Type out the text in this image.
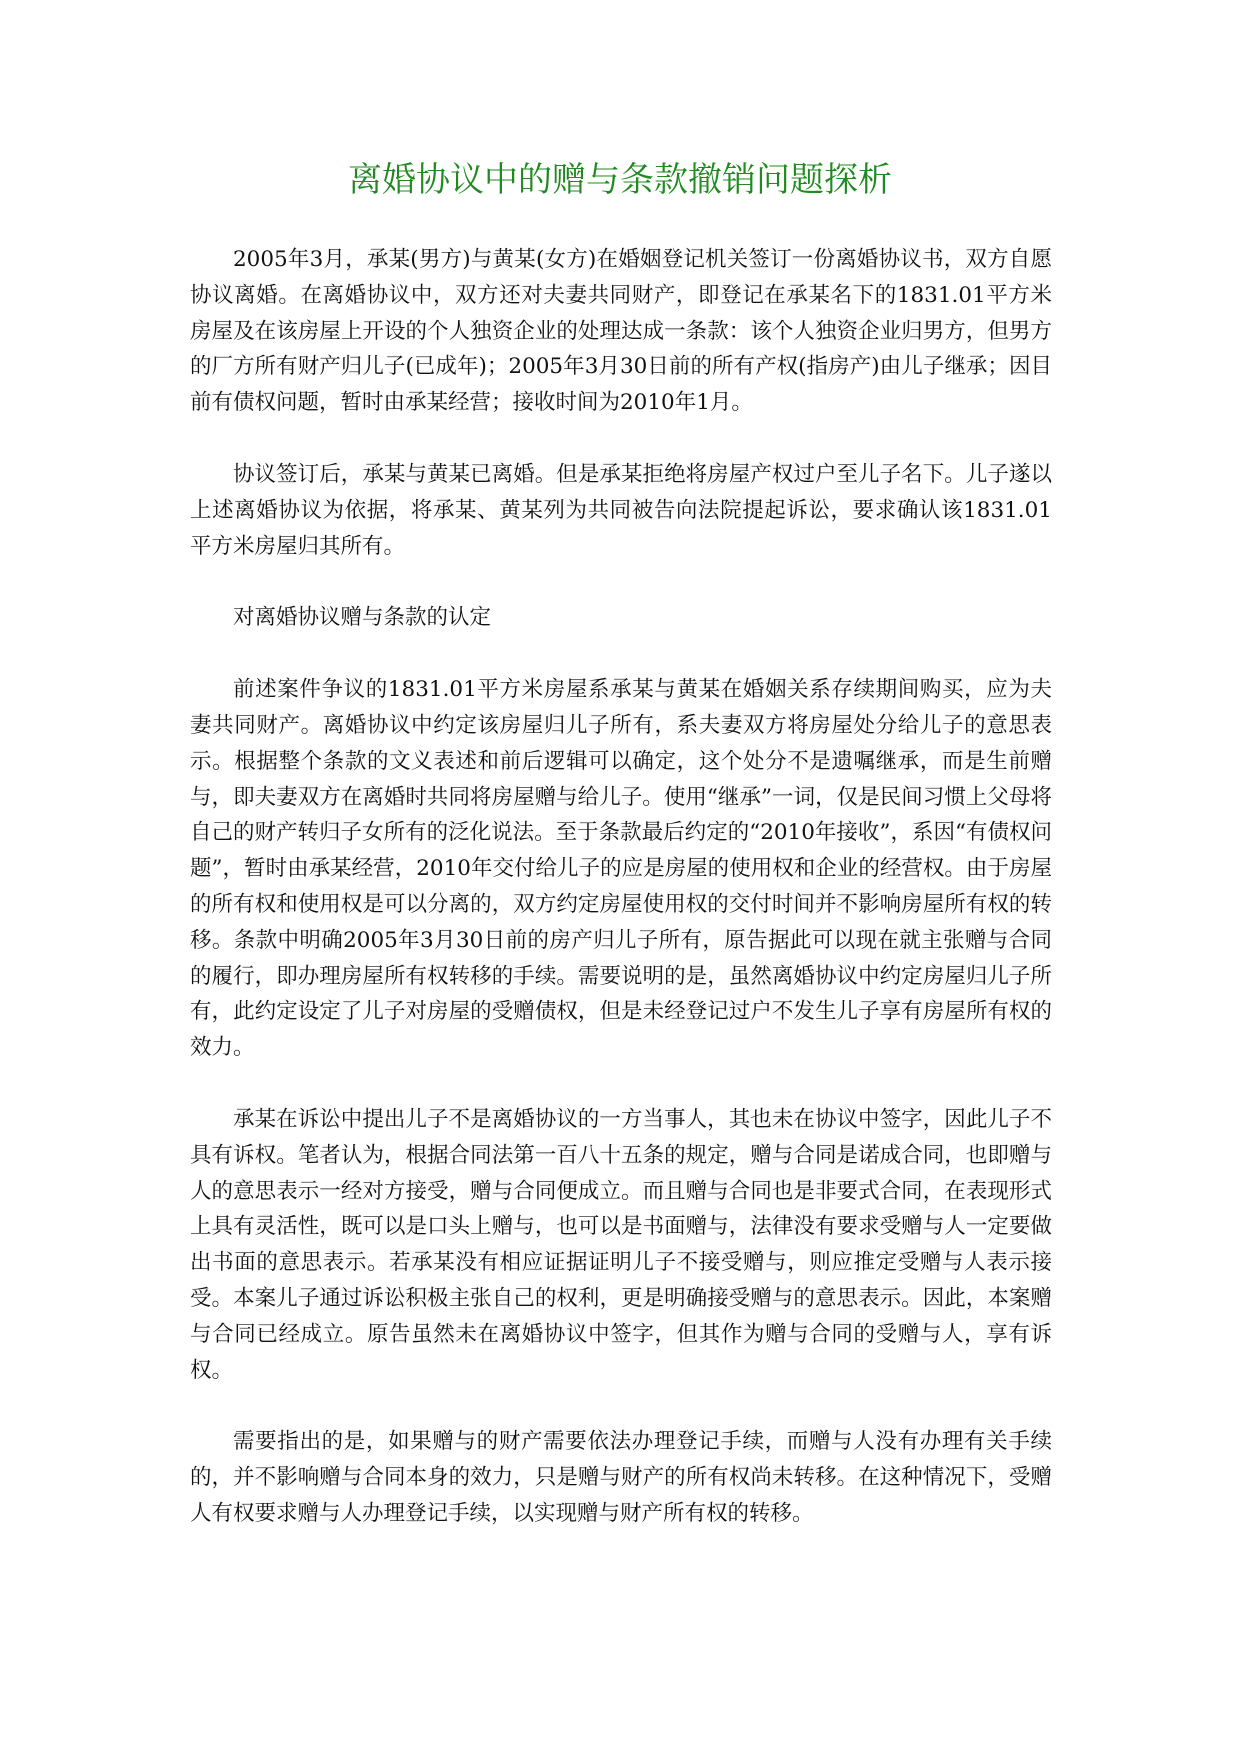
离婚协议中的赠与条款撤销问题探析

2005年3月，承某(男方)与黄某(女方)在婚姻登记机关签订一份离婚协议书，双方自愿协议离婚。在离婚协议中，双方还对夫妻共同财产，即登记在承某名下的1831.01平方米房屋及在该房屋上开设的个人独资企业的处理达成一条款：该个人独资企业归男方，但男方的厂方所有财产归儿子(已成年)；2005年3月30日前的所有产权(指房产)由儿子继承；因目前有债权问题，暂时由承某经营；接收时间为2010年1月。

协议签订后，承某与黄某已离婚。但是承某拒绝将房屋产权过户至儿子名下。儿子遂以上述离婚协议为依据，将承某、黄某列为共同被告向法院提起诉讼，要求确认该1831.01平方米房屋归其所有。

对离婚协议赠与条款的认定

前述案件争议的1831.01平方米房屋系承某与黄某在婚姻关系存续期间购买，应为夫妻共同财产。离婚协议中约定该房屋归儿子所有，系夫妻双方将房屋处分给儿子的意思表示。根据整个条款的文义表述和前后逻辑可以确定，这个处分不是遗嘱继承，而是生前赠与，即夫妻双方在离婚时共同将房屋赠与给儿子。使用“继承”一词，仅是民间习惯上父母将自己的财产转归子女所有的泛化说法。至于条款最后约定的“2010年接收”，系因“有债权问题”，暂时由承某经营，2010年交付给儿子的应是房屋的使用权和企业的经营权。由于房屋的所有权和使用权是可以分离的，双方约定房屋使用权的交付时间并不影响房屋所有权的转移。条款中明确2005年3月30日前的房产归儿子所有，原告据此可以现在就主张赠与合同的履行，即办理房屋所有权转移的手续。需要说明的是，虽然离婚协议中约定房屋归儿子所有，此约定设定了儿子对房屋的受赠债权，但是未经登记过户不发生儿子享有房屋所有权的效力。

承某在诉讼中提出儿子不是离婚协议的一方当事人，其也未在协议中签字，因此儿子不具有诉权。笔者认为，根据合同法第一百八十五条的规定，赠与合同是诺成合同，也即赠与人的意思表示一经对方接受，赠与合同便成立。而且赠与合同也是非要式合同，在表现形式上具有灵活性，既可以是口头上赠与，也可以是书面赠与，法律没有要求受赠与人一定要做出书面的意思表示。若承某没有相应证据证明儿子不接受赠与，则应推定受赠与人表示接受。本案儿子通过诉讼积极主张自己的权利，更是明确接受赠与的意思表示。因此，本案赠与合同已经成立。原告虽然未在离婚协议中签字，但其作为赠与合同的受赠与人，享有诉权。

需要指出的是，如果赠与的财产需要依法办理登记手续，而赠与人没有办理有关手续的，并不影响赠与合同本身的效力，只是赠与财产的所有权尚未转移。在这种情况下，受赠人有权要求赠与人办理登记手续，以实现赠与财产所有权的转移。
